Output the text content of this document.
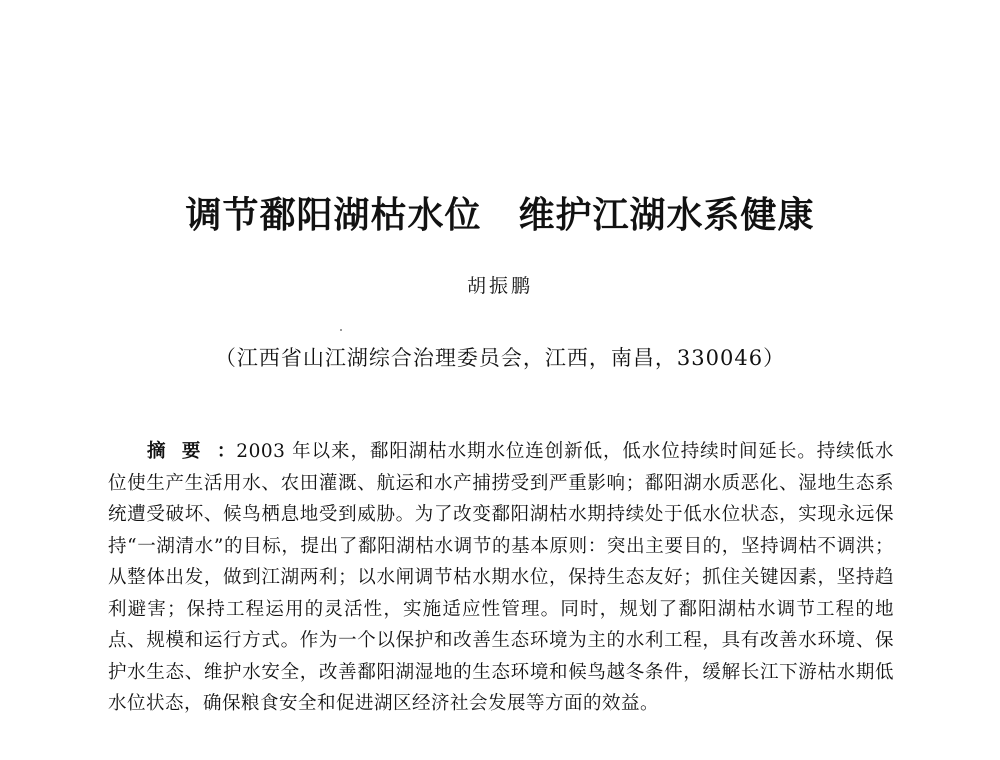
调节鄱阳湖枯水位　维护江湖水系健康
胡振鹏
（江西省山江湖综合治理委员会，江西，南昌，330046）

摘要：2003 年以来，鄱阳湖枯水期水位连创新低，低水位持续时间延长。持续低水位使生产生活用水、农田灌溉、航运和水产捕捞受到严重影响；鄱阳湖水质恶化、湿地生态系统遭受破坏、候鸟栖息地受到威胁。为了改变鄱阳湖枯水期持续处于低水位状态，实现永远保持“一湖清水”的目标，提出了鄱阳湖枯水调节的基本原则：突出主要目的，坚持调枯不调洪；从整体出发，做到江湖两利；以水闸调节枯水期水位，保持生态友好；抓住关键因素，坚持趋利避害；保持工程运用的灵活性，实施适应性管理。同时，规划了鄱阳湖枯水调节工程的地点、规模和运行方式。作为一个以保护和改善生态环境为主的水利工程，具有改善水环境、保护水生态、维护水安全，改善鄱阳湖湿地的生态环境和候鸟越冬条件，缓解长江下游枯水期低水位状态，确保粮食安全和促进湖区经济社会发展等方面的效益。
